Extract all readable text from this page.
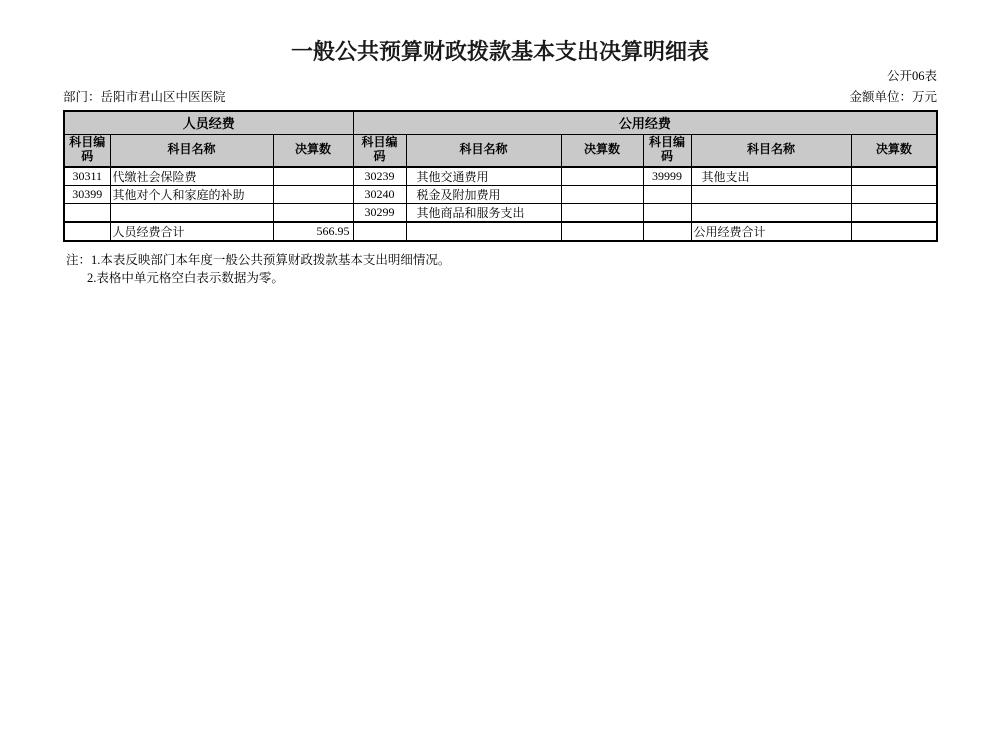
一般公共预算财政拨款基本支出决算明细表
公开06表
部门：岳阳市君山区中医医院	金额单位：万元
人员经费			公用经费					
科目编码	科目名称	决算数	科目编码	科目名称	决算数	科目编码	科目名称	决算数
30311	代缴社会保险费		30239	其他交通费用		39999	其他支出	
30399	其他对个人和家庭的补助		30240	税金及附加费用				
			30299	其他商品和服务支出				
	人员经费合计	566.95					公用经费合计	
注：1.本表反映部门本年度一般公共预算财政拨款基本支出明细情况。
2.表格中单元格空白表示数据为零。
